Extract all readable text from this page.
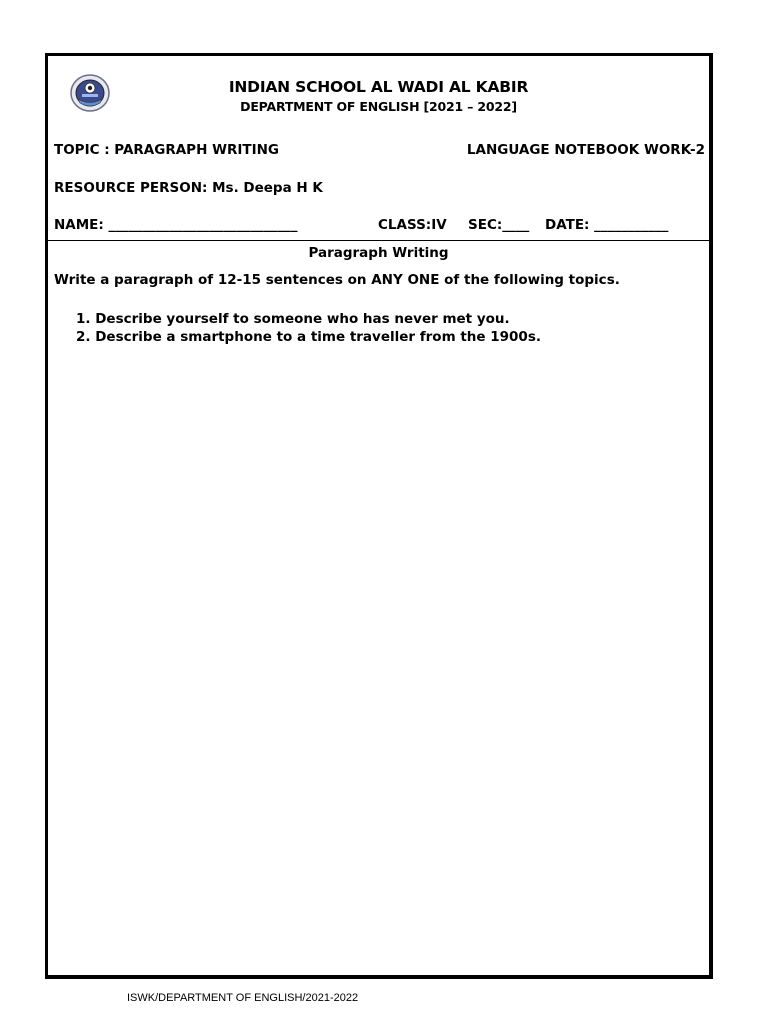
INDIAN SCHOOL AL WADI AL KABIR
DEPARTMENT OF ENGLISH [2021 – 2022]
TOPIC : PARAGRAPH WRITING	LANGUAGE NOTEBOOK WORK-2
RESOURCE PERSON: Ms. Deepa H K
NAME: ____________________________	CLASS:IV SEC:____ DATE: ___________
Paragraph Writing
Write a paragraph of 12-15 sentences on ANY ONE of the following topics.
1. Describe yourself to someone who has never met you.
2. Describe a smartphone to a time traveller from the 1900s.
ISWK/DEPARTMENT OF ENGLISH/2021-2022
